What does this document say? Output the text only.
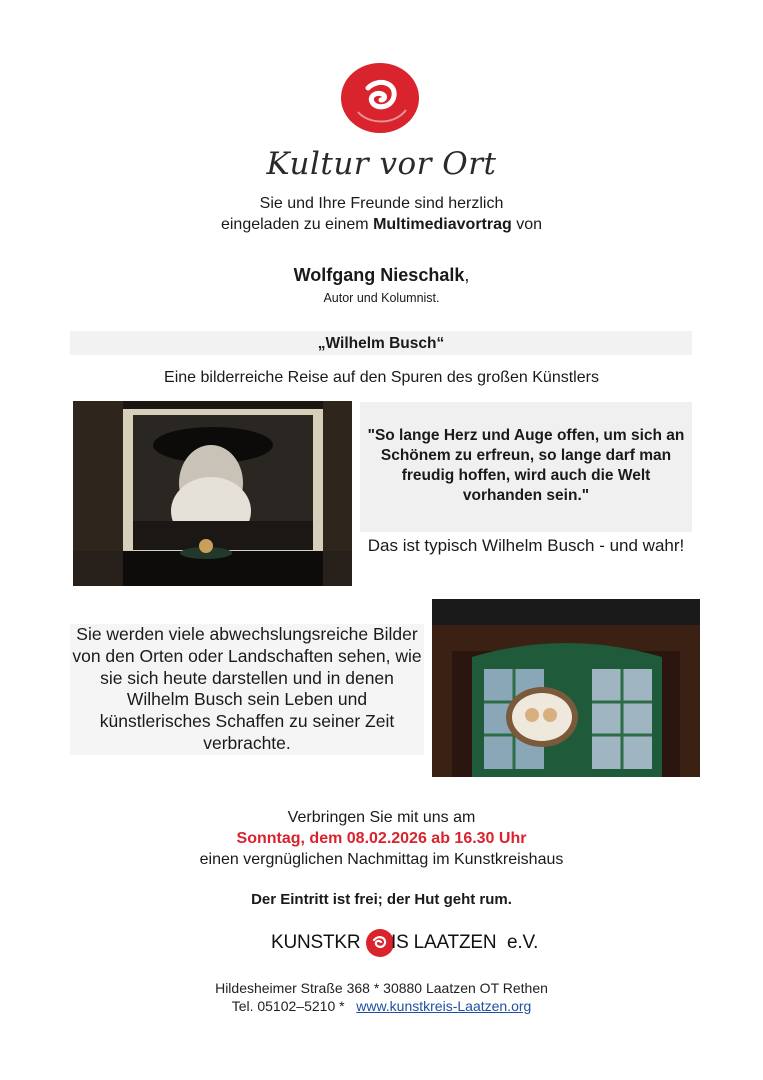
Kultur vor Ort
Sie und Ihre Freunde sind herzlich
eingeladen zu einem Multimediavortrag von
Wolfgang Nieschalk,
Autor und Kolumnist.
„Wilhelm Busch“
Eine bilderreiche Reise auf den Spuren des großen Künstlers
"So lange Herz und Auge offen, um sich an Schönem zu erfreun, so lange darf man freudig hoffen, wird auch die Welt vorhanden sein."
Das ist typisch Wilhelm Busch - und wahr!
Sie werden viele abwechslungsreiche Bilder von den Orten oder Landschaften sehen, wie sie sich heute darstellen und in denen Wilhelm Busch sein Leben und künstlerisches Schaffen zu seiner Zeit verbrachte.
Verbringen Sie mit uns am
Sonntag, dem 08.02.2026 ab 16.30 Uhr
einen vergnüglichen Nachmittag im Kunstkreishaus
Der Eintritt ist frei; der Hut geht rum.
KUNSTKR IS LAATZEN e.V.
Hildesheimer Straße 368 * 30880 Laatzen OT Rethen
Tel. 05102–5210 *   www.kunstkreis-Laatzen.org
